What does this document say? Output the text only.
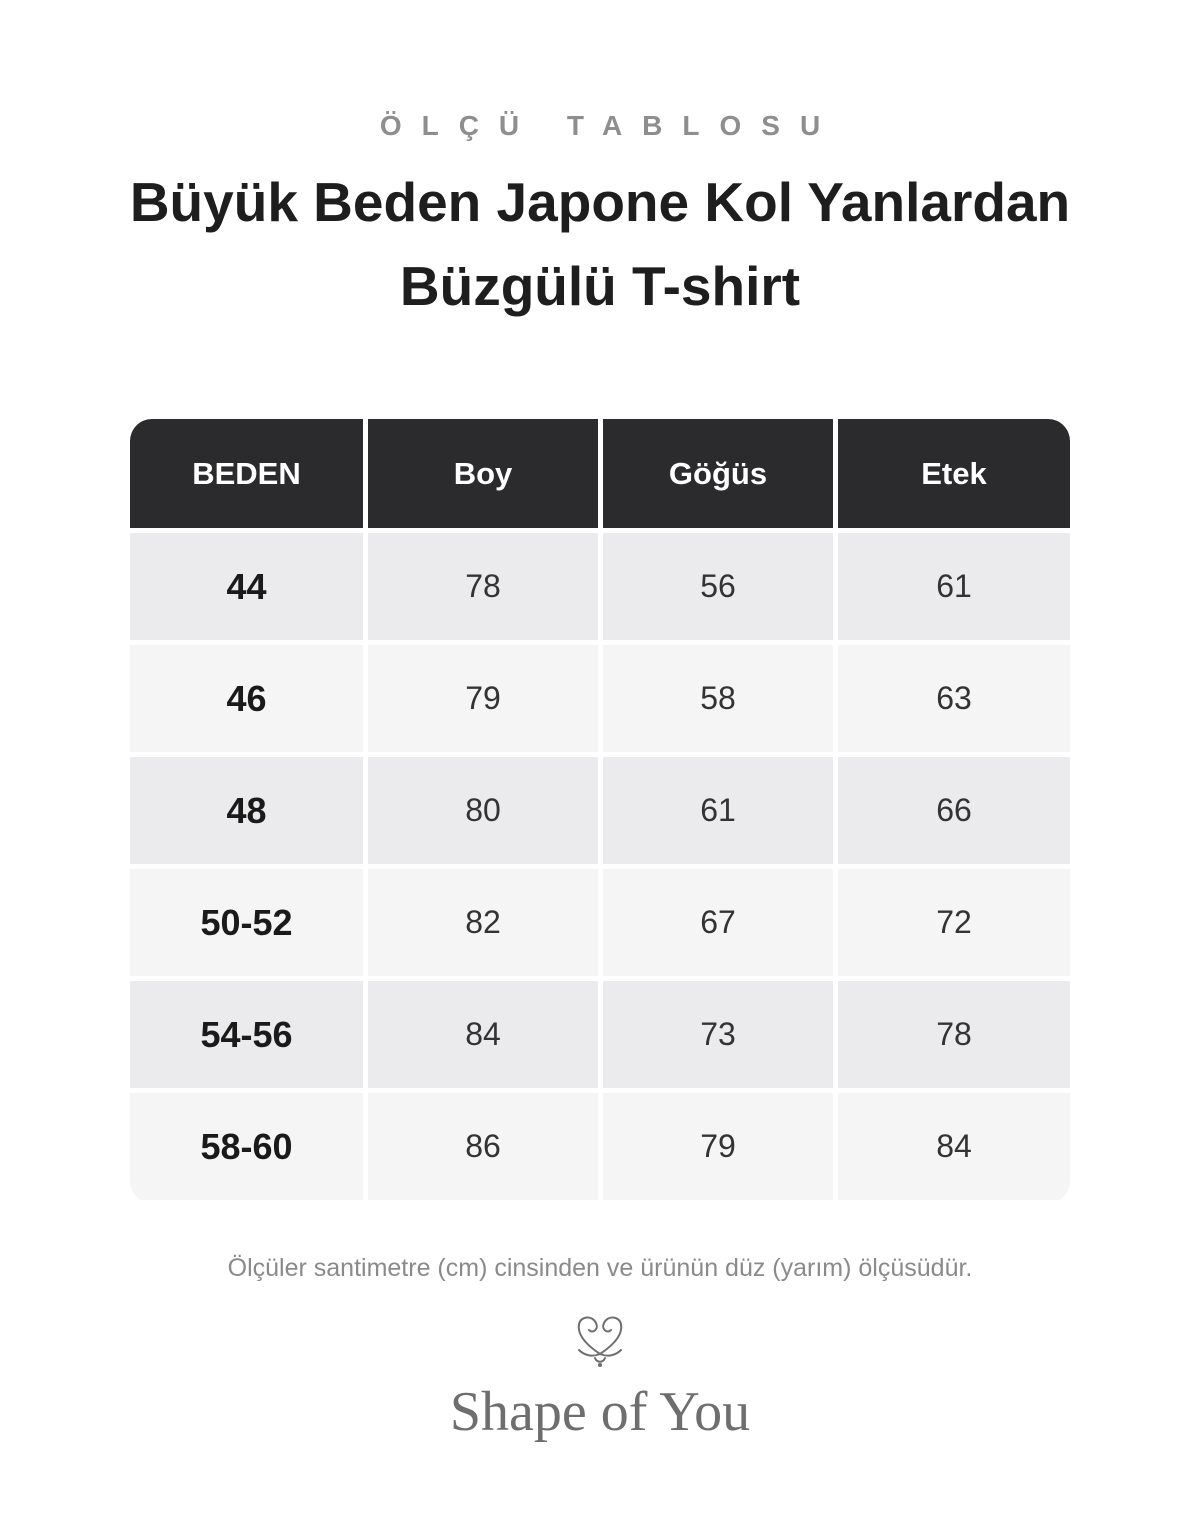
ÖLÇÜ TABLOSU
Büyük Beden Japone Kol Yanlardan
Büzgülü T-shirt
BEDEN	Boy	Göğüs	Etek
44	78	56	61
46	79	58	63
48	80	61	66
50-52	82	67	72
54-56	84	73	78
58-60	86	79	84
Ölçüler santimetre (cm) cinsinden ve ürünün düz (yarım) ölçüsüdür.
Shape of You
